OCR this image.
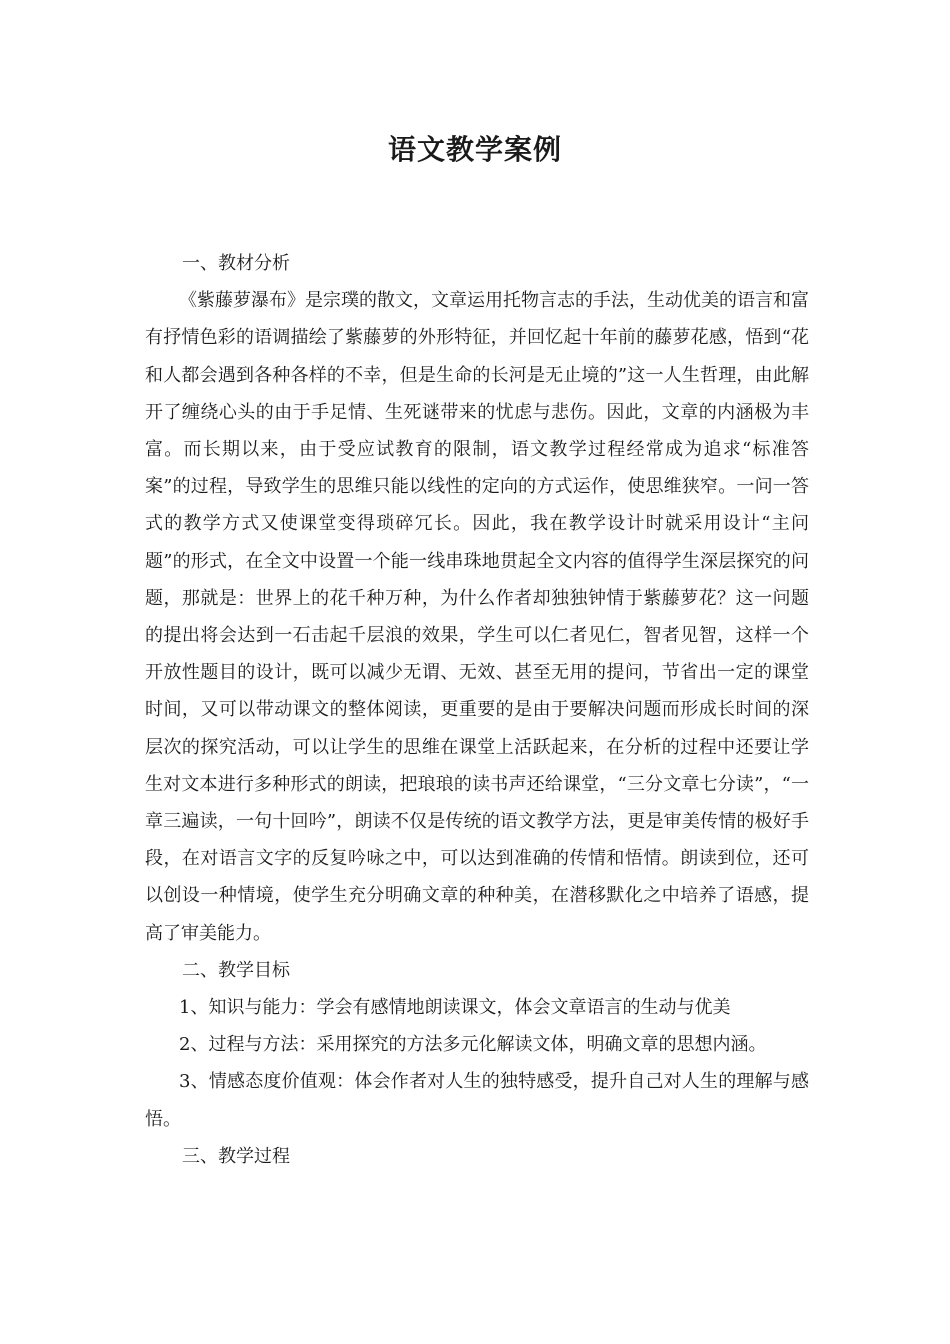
语文教学案例

一、教材分析

《紫藤萝瀑布》是宗璞的散文，文章运用托物言志的手法，生动优美的语言和富有抒情色彩的语调描绘了紫藤萝的外形特征，并回忆起十年前的藤萝花感，悟到“花和人都会遇到各种各样的不幸，但是生命的长河是无止境的”这一人生哲理，由此解开了缠绕心头的由于手足情、生死谜带来的忧虑与悲伤。因此，文章的内涵极为丰富。而长期以来，由于受应试教育的限制，语文教学过程经常成为追求“标准答案”的过程，导致学生的思维只能以线性的定向的方式运作，使思维狭窄。一问一答式的教学方式又使课堂变得琐碎冗长。因此，我在教学设计时就采用设计“主问题”的形式，在全文中设置一个能一线串珠地贯起全文内容的值得学生深层探究的问题，那就是：世界上的花千种万种，为什么作者却独独钟情于紫藤萝花？这一问题的提出将会达到一石击起千层浪的效果，学生可以仁者见仁，智者见智，这样一个开放性题目的设计，既可以减少无谓、无效、甚至无用的提问，节省出一定的课堂时间，又可以带动课文的整体阅读，更重要的是由于要解决问题而形成长时间的深层次的探究活动，可以让学生的思维在课堂上活跃起来，在分析的过程中还要让学生对文本进行多种形式的朗读，把琅琅的读书声还给课堂，“三分文章七分读”，“一章三遍读，一句十回吟”，朗读不仅是传统的语文教学方法，更是审美传情的极好手段，在对语言文字的反复吟咏之中，可以达到准确的传情和悟情。朗读到位，还可以创设一种情境，使学生充分明确文章的种种美，在潜移默化之中培养了语感，提高了审美能力。

二、教学目标

1、知识与能力：学会有感情地朗读课文，体会文章语言的生动与优美

2、过程与方法：采用探究的方法多元化解读文体，明确文章的思想内涵。

3、情感态度价值观：体会作者对人生的独特感受，提升自己对人生的理解与感悟。

三、教学过程
